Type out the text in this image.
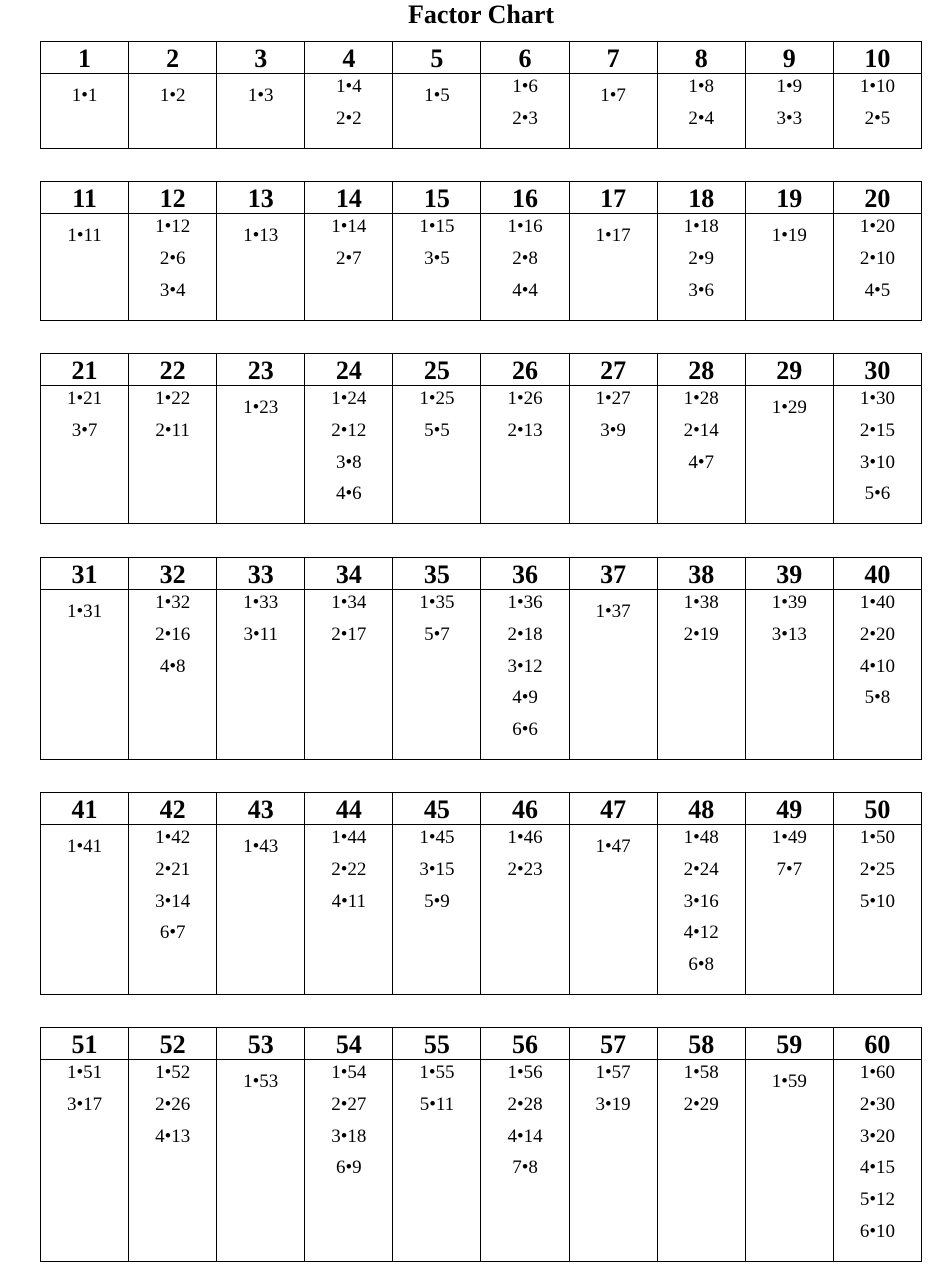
Factor Chart
1
1•1
2
1•2
3
1•3
4
1•4
2•2
5
1•5
6
1•6
2•3
7
1•7
8
1•8
2•4
9
1•9
3•3
10
1•10
2•5
11
1•11
12
1•12
2•6
3•4
13
1•13
14
1•14
2•7
15
1•15
3•5
16
1•16
2•8
4•4
17
1•17
18
1•18
2•9
3•6
19
1•19
20
1•20
2•10
4•5
21
1•21
3•7
22
1•22
2•11
23
1•23
24
1•24
2•12
3•8
4•6
25
1•25
5•5
26
1•26
2•13
27
1•27
3•9
28
1•28
2•14
4•7
29
1•29
30
1•30
2•15
3•10
5•6
31
1•31
32
1•32
2•16
4•8
33
1•33
3•11
34
1•34
2•17
35
1•35
5•7
36
1•36
2•18
3•12
4•9
6•6
37
1•37
38
1•38
2•19
39
1•39
3•13
40
1•40
2•20
4•10
5•8
41
1•41
42
1•42
2•21
3•14
6•7
43
1•43
44
1•44
2•22
4•11
45
1•45
3•15
5•9
46
1•46
2•23
47
1•47
48
1•48
2•24
3•16
4•12
6•8
49
1•49
7•7
50
1•50
2•25
5•10
51
1•51
3•17
52
1•52
2•26
4•13
53
1•53
54
1•54
2•27
3•18
6•9
55
1•55
5•11
56
1•56
2•28
4•14
7•8
57
1•57
3•19
58
1•58
2•29
59
1•59
60
1•60
2•30
3•20
4•15
5•12
6•10
